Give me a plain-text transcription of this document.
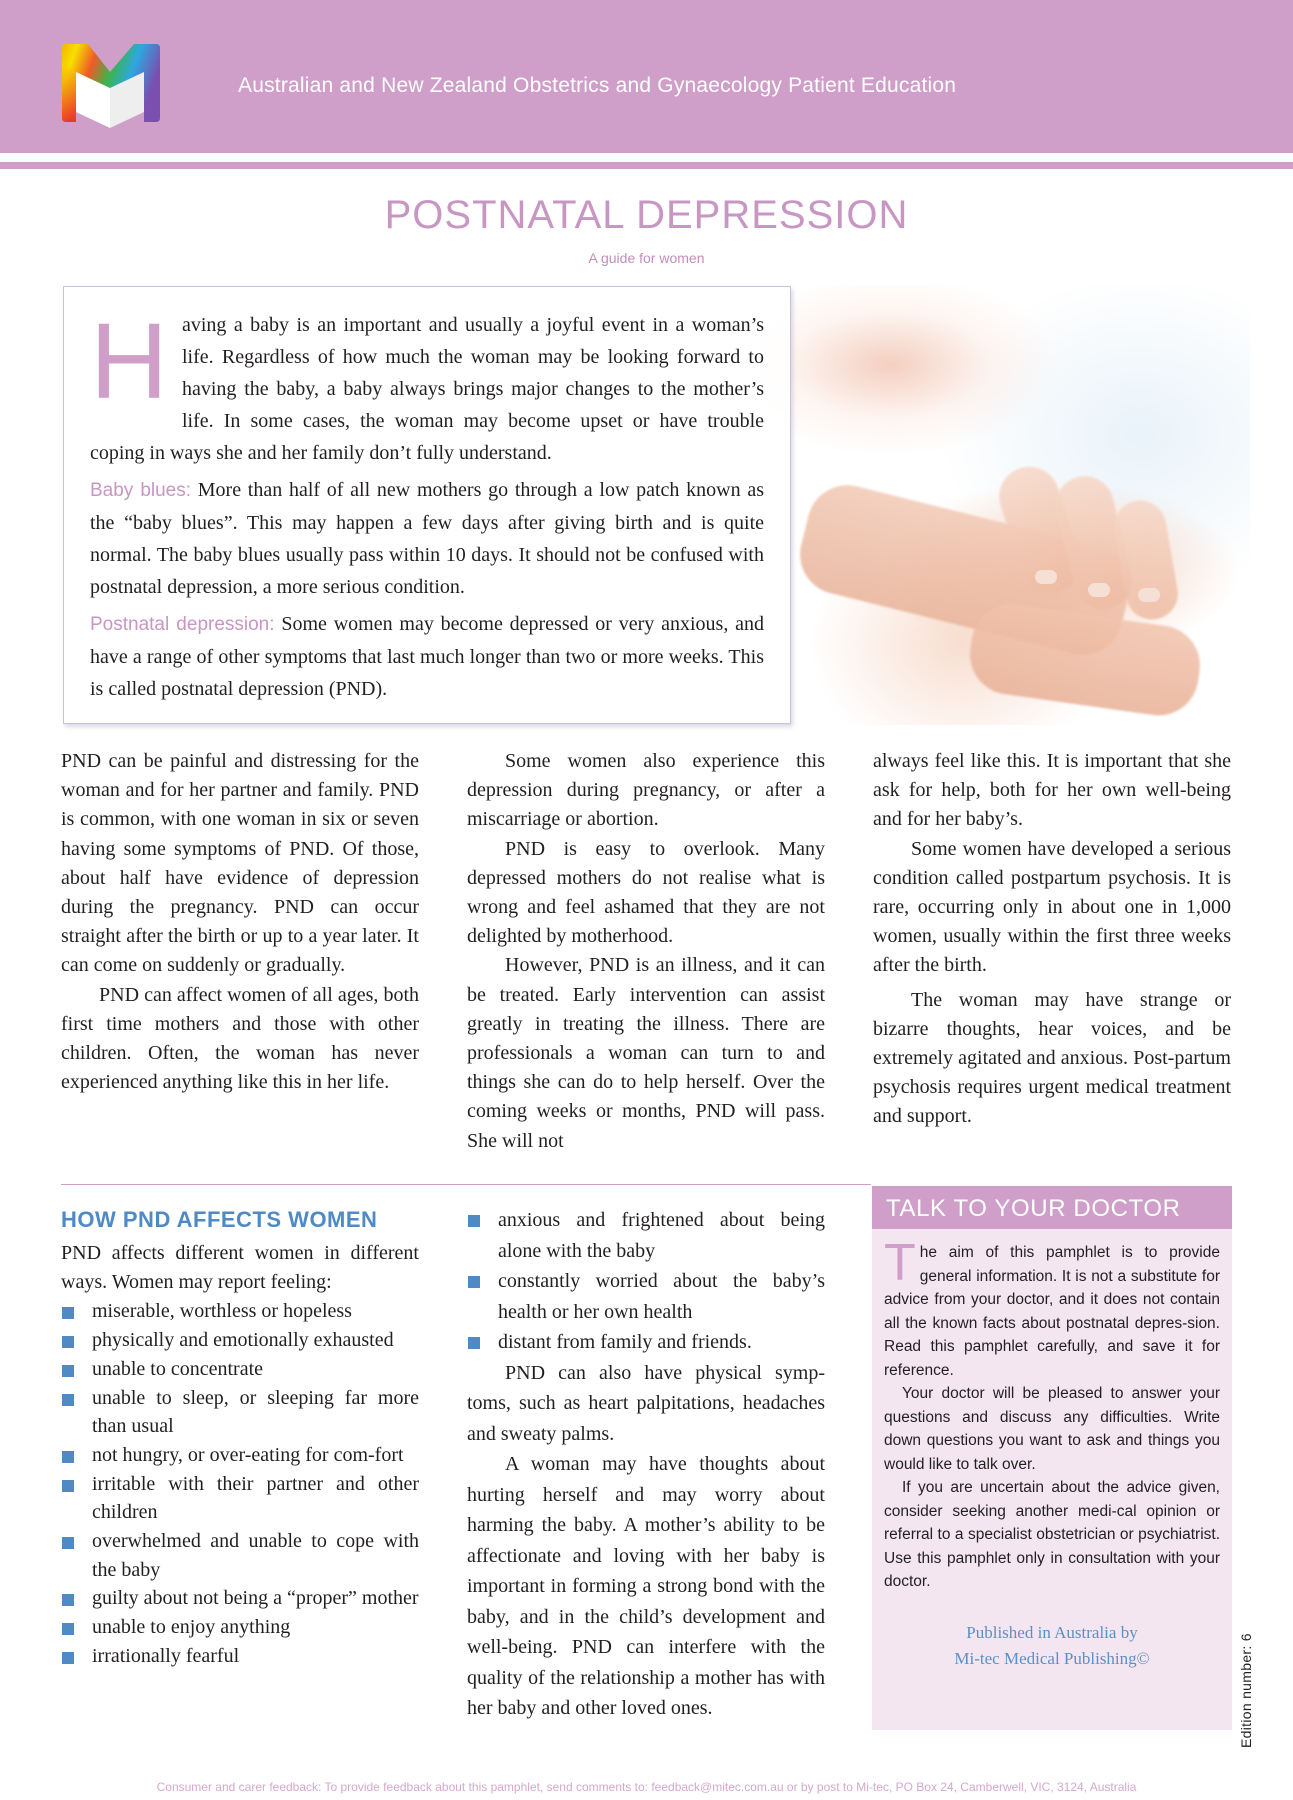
Australian and New Zealand Obstetrics and Gynaecology Patient Education
POSTNATAL DEPRESSION
A guide for women

Having a baby is an important and usually a joyful event in a woman’s life. Regardless of how much the woman may be looking forward to having the baby, a baby always brings major changes to the mother’s life. In some cases, the woman may become upset or have trouble coping in ways she and her family don’t fully understand.

Baby blues: More than half of all new mothers go through a low patch known as the “baby blues”. This may happen a few days after giving birth and is quite normal. The baby blues usually pass within 10 days. It should not be confused with postnatal depression, a more serious condition.

Postnatal depression: Some women may become depressed or very anxious, and have a range of other symptoms that last much longer than two or more weeks. This is called postnatal depression (PND).

PND can be painful and distressing for the woman and for her partner and family. PND is common, with one woman in six or seven having some symptoms of PND. Of those, about half have evidence of depression during the pregnancy. PND can occur straight after the birth or up to a year later. It can come on suddenly or gradually.

PND can affect women of all ages, both first time mothers and those with other children. Often, the woman has never experienced anything like this in her life.

Some women also experience this depression during pregnancy, or after a miscarriage or abortion.

PND is easy to overlook. Many depressed mothers do not realise what is wrong and feel ashamed that they are not delighted by motherhood.

However, PND is an illness, and it can be treated. Early intervention can assist greatly in treating the illness. There are professionals a woman can turn to and things she can do to help herself. Over the coming weeks or months, PND will pass. She will not

always feel like this. It is important that she ask for help, both for her own well-being and for her baby’s.

Some women have developed a serious condition called postpartum psychosis. It is rare, occurring only in about one in 1,000 women, usually within the first three weeks after the birth.

The woman may have strange or bizarre thoughts, hear voices, and be extremely agitated and anxious. Post-partum psychosis requires urgent medical treatment and support.

HOW PND AFFECTS WOMEN

PND affects different women in different ways. Women may report feeling:

miserable, worthless or hopeless
physically and emotionally exhausted
unable to concentrate
unable to sleep, or sleeping far more than usual
not hungry, or over-eating for com-fort
irritable with their partner and other children
overwhelmed and unable to cope with the baby
guilty about not being a “proper” mother
unable to enjoy anything
irrationally fearful
anxious and frightened about being alone with the baby
constantly worried about the baby’s health or her own health
distant from family and friends.

PND can also have physical symp-toms, such as heart palpitations, headaches and sweaty palms.

A woman may have thoughts about hurting herself and may worry about harming the baby. A mother’s ability to be affectionate and loving with her baby is important in forming a strong bond with the baby, and in the child’s development and well-being. PND can interfere with the quality of the relationship a mother has with her baby and other loved ones.

TALK TO YOUR DOCTOR

The aim of this pamphlet is to provide general information. It is not a substitute for advice from your doctor, and it does not contain all the known facts about postnatal depres-sion. Read this pamphlet carefully, and save it for reference.

Your doctor will be pleased to answer your questions and discuss any difficulties. Write down questions you want to ask and things you would like to talk over.

If you are uncertain about the advice given, consider seeking another medi-cal opinion or referral to a specialist obstetrician or psychiatrist. Use this pamphlet only in consultation with your doctor.

Published in Australia by
Mi-tec Medical Publishing©	Edition number: 6
Consumer and carer feedback: To provide feedback about this pamphlet, send comments to: feedback@mitec.com.au or by post to Mi-tec, PO Box 24, Camberwell, VIC, 3124, Australia
